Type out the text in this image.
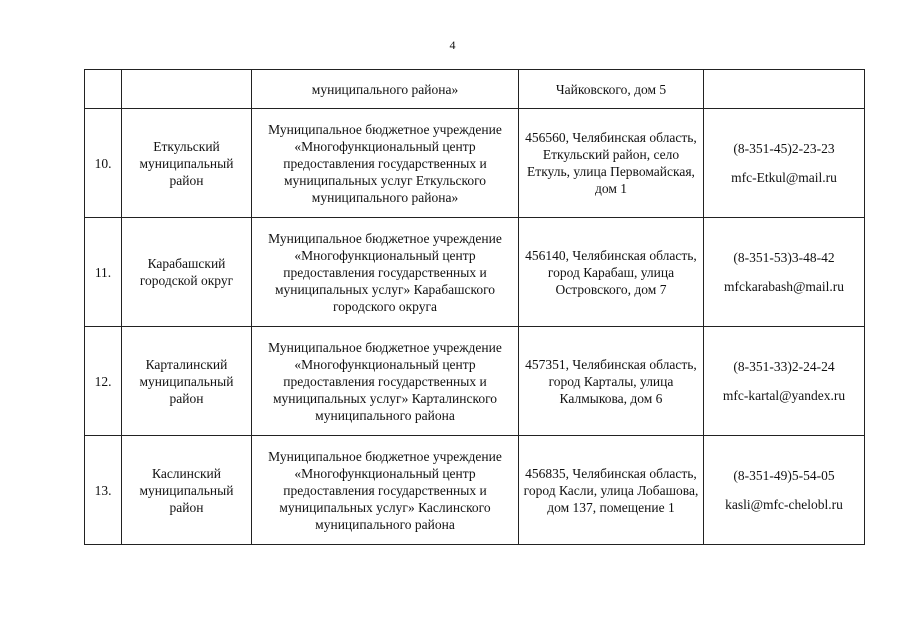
4
		муниципального района»	Чайковского, дом 5	
10.	Еткульский муниципальный район	Муниципальное бюджетное учреждение «Многофункциональный центр предоставления государственных и муниципальных услуг Еткульского муниципального района»	456560, Челябинская область, Еткульский район, село Еткуль, улица Первомайская, дом 1	(8-351-45)2-23-23
mfc-Etkul@mail.ru

11.	Карабашский городской округ	Муниципальное бюджетное учреждение «Многофункциональный центр предоставления государственных и муниципальных услуг» Карабашского городского округа	456140, Челябинская область, город Карабаш, улица Островского, дом 7	(8-351-53)3-48-42
mfckarabash@mail.ru

12.	Карталинский муниципальный район	Муниципальное бюджетное учреждение «Многофункциональный центр предоставления государственных и муниципальных услуг» Карталинского муниципального района	457351, Челябинская область, город Карталы, улица Калмыкова, дом 6	(8-351-33)2-24-24
mfc-kartal@yandex.ru

13.	Каслинский муниципальный район	Муниципальное бюджетное учреждение «Многофункциональный центр предоставления государственных и муниципальных услуг» Каслинского муниципального района	456835, Челябинская область, город Касли, улица Лобашова, дом 137, помещение 1	(8-351-49)5-54-05
kasli@mfc-chelobl.ru
